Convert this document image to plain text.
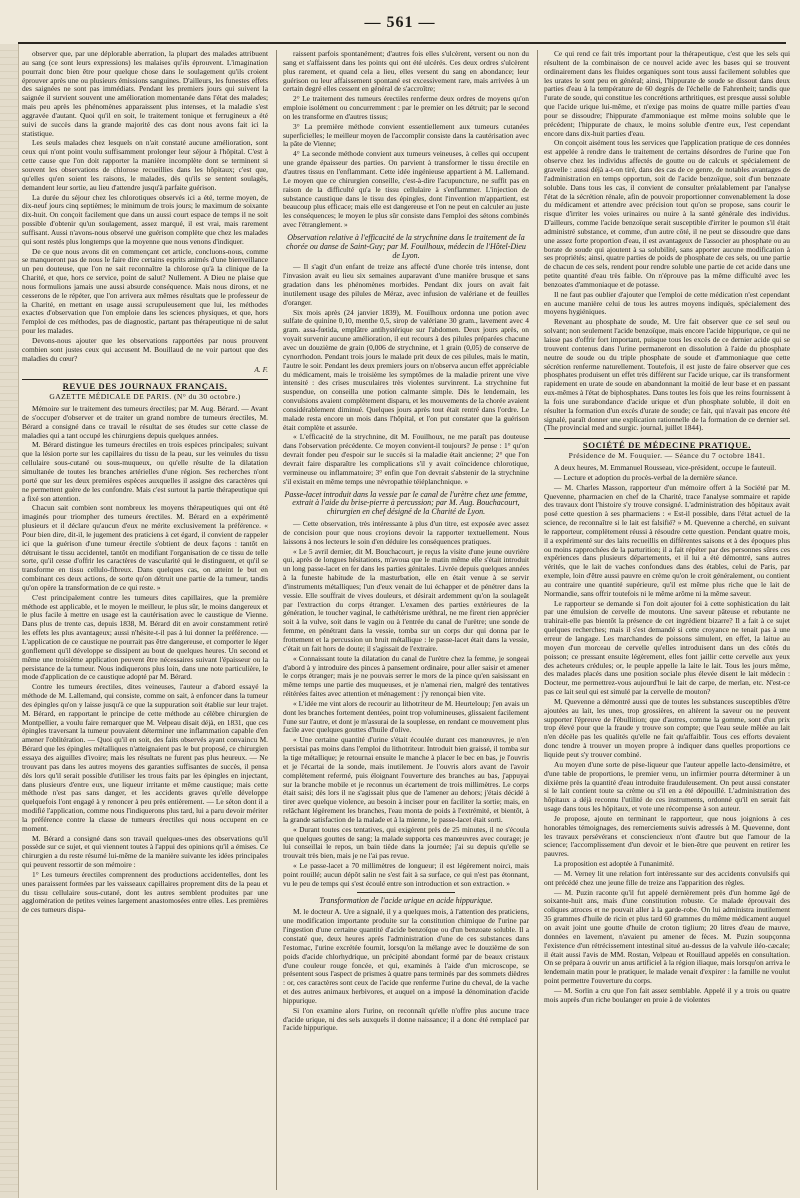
— 561 —

observer que, par une déplorable aberration, la plupart des malades attribuent au sang (ce sont leurs expressions) les malaises qu'ils éprouvent. L'imagination pourrait donc bien être pour quelque chose dans le soulagement qu'ils croient éprouver après une ou plusieurs émissions sanguines. D'ailleurs, les funestes effets des saignées ne sont pas immédiats. Pendant les premiers jours qui suivent la saignée il survient souvent une amélioration momentanée dans l'état des malades; mais peu après les phénomènes apparaissent plus intenses, et la maladie s'est aggravée d'autant. Quoi qu'il en soit, le traitement tonique et ferrugineux a été suivi de succès dans la grande majorité des cas dont nous avons fait ici la statistique.

Les seuls malades chez lesquels on n'ait constaté aucune amélioration, sont ceux qui n'ont point voulu suffisamment prolonger leur séjour à l'hôpital. C'est à cette cause que l'on doit rapporter la manière incomplète dont se terminent si souvent les observations de chlorose recueillies dans les hôpitaux; c'est que, qu'elles qu'en soient les raisons, le malades, dès qu'ils se sentent soulagés, demandent leur sortie, au lieu d'attendre jusqu'à parfaite guérison.

La durée du séjour chez les chlorotiques observés ici a été, terme moyen, de dix-neuf jours cinq septièmes; le minimum de trois jours; le maximum de soixante dix-huit. On conçoit facilement que dans un aussi court espace de temps il ne soit possible d'obtenir qu'un soulagement, assez marqué, il est vrai, mais rarement suffisant. Aussi n'avons-nous observé une guérison complète que chez les malades qui sont restés plus longtemps que la moyenne que nous venons d'indiquer.

De ce que nous avons dit en commençant cet article, concluons-nous, comme se manqueront pas de nous le faire dire certains esprits animés d'une bienveillance un peu douteuse, que l'on ne sait reconnaître la chlorose qu'à la clinique de la Charité, et que, hors ce service, point de salut? Nullement. A Dieu ne plaise que nous formulions jamais une aussi absurde conséquence. Mais nous dirons, et ne cesserons de le répéter, que l'on arrivera aux mêmes résultats que le professeur de la Charité, en mettant en usage aussi scrupuleusement que lui, les méthodes exactes d'observation que l'on emploie dans les sciences physiques, et que, hors l'emploi de ces méthodes, pas de diagnostic, partant pas thérapeutique ni de salut pour les malades.

Devons-nous ajouter que les observations rapportées par nous prouvent combien sont justes ceux qui accusent M. Bouillaud de ne voir partout que des maladies du cœur?

A. F.
REVUE DES JOURNAUX FRANÇAIS.
GAZETTE MÉDICALE DE PARIS. (N° du 30 octobre.)

Mémoire sur le traitement des tumeurs érectiles; par M. Aug. Bérard. — Avant de s'occuper d'observer et de traiter un grand nombre de tumeurs érectiles, M. Bérard a consigné dans ce travail le résultat de ses études sur cette classe de maladies qui a tant occupé les chirurgiens depuis quelques années.

M. Bérard distingue les tumeurs érectiles en trois espèces principales; suivant que la lésion porte sur les capillaires du tissu de la peau, sur les veinules du tissu cellulaire sous-cutané ou sous-muqueux, ou qu'elle résulte de la dilatation simultanée de toutes les branches artérielles d'une région. Ses recherches n'ont porté que sur les deux premières espèces auxquelles il assigne des caractères qui ne permettent guère de les confondre. Mais c'est surtout la partie thérapeutique qui a fixé son attention.

Chacun sait combien sont nombreux les moyens thérapeutiques qui ont été imaginés pour triompher des tumeurs érectiles. M. Bérard en a expérimenté plusieurs et il déclare qu'aucun d'eux ne mérite exclusivement la préférence. « Pour bien dire, dit-il, le jugement des praticiens à cet égard, il convient de rappeler ici que la guérison d'une tumeur érectile s'obtient de deux façons : tantôt en détruisant le tissu accidentel, tantôt en modifiant l'organisation de ce tissu de telle sorte, qu'il cesse d'offrir les caractères de vascularité qui le distinguent, et qu'il se transforme en tissu cellulo-fibreux. Dans quelques cas, on atteint le but en combinant ces deux actions, de sorte qu'on détruit une partie de la tumeur, tandis qu'on opère la transformation de ce qui reste. »

C'est principalement contre les tumeurs dites capillaires, que la première méthode est applicable, et le moyen le meilleur, le plus sûr, le moins dangereux et le plus facile à mettre en usage est la cautérisation avec le caustique de Vienne. Dans plus de trente cas, depuis 1838, M. Bérard dit en avoir constamment retiré les effets les plus avantageux; aussi n'hésite-t-il pas à lui donner la préférence. — L'application de ce caustique ne pourrait pas être dangereuse, et comporter le léger gonflement qu'il développe se dissipent au bout de quelques heures. Un second et même une troisième application peuvent être nécessaires suivant l'épaisseur ou la persistance de la tumeur. Nous indiquerons plus loin, dans une note particulière, le mode d'application de ce caustique adopté par M. Bérard.

Contre les tumeurs érectiles, dites veineuses, l'auteur a d'abord essayé la méthode de M. Lallemand, qui consiste, comme on sait, à enfoncer dans la tumeur des épingles qu'on y laisse jusqu'à ce que la suppuration soit établie sur leur trajet. M. Bérard, en rapportant le principe de cette méthode au célèbre chirurgien de Montpellier, a voulu faire remarquer que M. Velpeau disait déjà, en 1831, que ces épingles traversant la tumeur pouvaient déterminer une inflammation capable d'en amener l'oblitération. — Quoi qu'il en soit, des faits observés ayant convaincu M. Bérard que les épingles métalliques n'atteignaient pas le but proposé, ce chirurgien essaya des aiguilles d'ivoire; mais les résultats ne furent pas plus heureux. — Ne trouvant pas dans les autres moyens des garanties suffisantes de succès, il pensa dès lors qu'il serait possible d'utiliser les trous faits par les épingles en injectant, dans plusieurs d'entre eux, une liqueur irritante et même caustique; mais cette méthode n'est pas sans danger, et les accidents graves qu'elle développe quelquefois l'ont engagé à y renoncer à peu près entièrement. — Le séton dont il a modifié l'application, comme nous l'indiquerons plus tard, lui a paru devoir mériter la préférence contre la classe de tumeurs érectiles qui nous occupent en ce moment.

M. Bérard a consigné dans son travail quelques-unes des observations qu'il possède sur ce sujet, et qui viennent toutes à l'appui des opinions qu'il a émises. Ce chirurgien a du reste résumé lui-même de la manière suivante les idées principales qui peuvent ressortir de son mémoire :

1° Les tumeurs érectiles comprennent des productions accidentelles, dont les unes paraissent formées par les vaisseaux capillaires proprement dits de la peau et du tissu cellulaire sous-cutané, dont les autres semblent produites par une agglomération de petites veines largement anastomosées entre elles. Les premières de ces tumeurs dispa-

raissent parfois spontanément; d'autres fois elles s'ulcèrent, versent ou non du sang et s'affaissent dans les points qui ont été ulcérés. Ces deux ordres s'ulcèrent plus rarement, et quand cela a lieu, elles versent du sang en abondance; leur guérison ou leur affaissement spontané est excessivement rare, mais arrivées à un certain degré elles cessent en général de s'accroître;

2° Le traitement des tumeurs érectiles renferme deux ordres de moyens qu'on emploie isolément ou concurremment : par le premier on les détruit; par le second on les transforme en d'autres tissus;

3° La première méthode convient essentiellement aux tumeurs cutanées superficielles; le meilleur moyen de l'accomplir consiste dans la cautérisation avec la pâte de Vienne;

4° La seconde méthode convient aux tumeurs veineuses, à celles qui occupent une grande épaisseur des parties. On parvient à transformer le tissu érectile en d'autres tissus en l'enflammant. Cette idée ingénieuse appartient à M. Lallemand. Le moyen que ce chirurgien conseille, c'est-à-dire l'acupuncture, ne suffit pas en raison de la difficulté qu'a le tissu cellulaire à s'enflammer. L'injection de substance caustique dans le tissu des épingles, dont l'invention m'appartient, est beaucoup plus efficace; mais elle est dangereuse et l'on ne peut en calculer au juste les conséquences; le moyen le plus sûr consiste dans l'emploi des sétons combinés avec l'étranglement. »

Observation relative à l'efficacité de la strychnine dans le traitement de la chorée ou danse de Saint-Guy; par M. Fouilhoux, médecin de l'Hôtel-Dieu de Lyon.

— Il s'agit d'un enfant de treize ans affecté d'une chorée très intense, dont l'invasion avait eu lieu six semaines auparavant d'une manière brusque et sans gradation dans les phénomènes morbides. Pendant dix jours on avait fait inutilement usage des pilules de Méraz, avec infusion de valériane et de feuilles d'oranger.

Six mois après (24 janvier 1839), M. Fouilhoux ordonna une potion avec sulfate de quinine 0,10, menthe 0,5, sirop de valériane 30 gram., lavement avec 4 gram. assa-fœtida, emplâtre antihystérique sur l'abdomen. Deux jours après, on voyait survenir aucune amélioration, il eut recours à des pilules préparées chacune avec un douzième de grain (0,006 de strychnine, et 1 grain (0,05) de conserve de cynorrhodon. Pendant trois jours le malade prit deux de ces pilules, mais le matin, l'autre le soir. Pendant les deux premiers jours on n'observa aucun effet appréciable du médicament, mais le troisième les symptômes de la maladie prirent une vive intensité : des crises musculaires très violentes survinrent. La strychnine fut suspendue, on conseilla une potion calmante simple. Dès le lendemain, les convulsions avaient complètement disparu, et les mouvements de la chorée avaient considérablement diminué. Quelques jours après tout était rentré dans l'ordre. Le malade resta encore un mois dans l'hôpital, et l'on put constater que la guérison était complète et assurée.

« L'efficacité de la strychnine, dit M. Fouilhoux, ne me paraît pas douteuse dans l'observation précédente. Ce moyen convient-il toujours? Je pense : 1° qu'on devrait fonder peu d'espoir sur le succès si la maladie était ancienne; 2° que l'on devrait faire disparaître les complications s'il y avait coïncidence chlorotique, vermineuse ou inflammatoire; 3° enfin que l'on devrait s'abstenir de la strychnine s'il existait en même temps une névropathie téiéplanchnique. »

Passe-lacet introduit dans la vessie par le canal de l'urètre chez une femme, extrait à l'aide du brise-pierre à percussion; par M. Aug. Bouchacourt, chirurgien en chef désigné de la Charité de Lyon.

— Cette observation, très intéressante à plus d'un titre, est exposée avec assez de concision pour que nous croyions devoir la rapporter textuellement. Nous laissons à nos lecteurs le soin d'en déduire les conséquences pratiques.

« Le 5 avril dernier, dit M. Bouchacourt, je reçus la visite d'une jeune ouvrière qui, après de longues hésitations, m'avoua que le matin même elle s'était introduit un long passe-lacet en fer dans les parties génitales. Livrée depuis quelques années à la funeste habitude de la masturbation, elle en était venue à se servir d'instruments métalliques; l'un d'eux venait de lui échapper et de pénétrer dans la vessie. Elle souffrait de vives douleurs, et désirait ardemment qu'on la soulageât par l'extraction du corps étranger. L'examen des parties extérieures de la génération, le toucher vaginal, le cathétérisme uréthral, ne me firent rien apprécier soit à la vulve, soit dans le vagin ou à l'entrée du canal de l'urètre; une sonde de femme, en pénétrant dans la vessie, tomba sur un corps dur qui donna par le frottement et la percussion un bruit métallique : le passe-lacet était dans la vessie, c'était un fait hors de doute; il s'agissait de l'extraire.

« Connaissant toute la dilatation du canal de l'urètre chez la femme, je songeai d'abord à y introduire des pinces à pansement ordinaire, pour aller saisir et amener le corps étranger; mais je ne pouvais serrer le mors de la pince qu'en saisissant en même temps une partie des muqueuses, et je n'amenai rien, malgré des tentatives réitérées faites avec attention et ménagement : j'y renonçai bien vite.

« L'idée me vint alors de recourir au lithotriteur de M. Heurteloup; j'en avais un dont les branches fortement dentées, point trop volumineuses, glissaient facilement l'une sur l'autre, et dont je m'assurai de la souplesse, en rendant ce mouvement plus facile avec quelques gouttes d'huile d'olive.

« Une certaine quantité d'urine s'était écoulée durant ces manœuvres, je n'en persistai pas moins dans l'emploi du lithotriteur. Introduit bien graissé, il tomba sur la tige métallique; je retournai ensuite le manche à placer le bec en bas, je l'ouvris et je l'écartai de la sonde, mais inutilement. Je l'ouvris alors avant de l'avoir complètement refermé, puis éloignant l'ouverture des branches au bas, j'appuyai sur la branche mobile et je reconnus un écartement de trois millimètres. Le corps était saisi; dès lors il ne s'agissait plus que de l'amener au dehors; j'étais décidé à tirer avec quelque violence, au besoin à inciser pour en faciliter la sortie; mais, en relâchant légèrement les branches, l'eau monta de poids à l'extrémité, et bientôt, à la grande satisfaction de la malade et à la mienne, le passe-lacet était sorti.

« Durant toutes ces tentatives, qui exigèrent près de 25 minutes, il ne s'écoula que quelques gouttes de sang; la malade supporta ces manœuvres avec courage; je lui conseillai le repos, un bain tiède dans la journée; j'ai su depuis qu'elle se trouvait très bien, mais je ne l'ai pas revue.

« Le passe-lacet a 70 millimètres de longueur; il est légèrement noirci, mais point rouillé; aucun dépôt salin ne s'est fait à sa surface, ce qui n'est pas étonnant, vu le peu de temps qui s'est écoulé entre son introduction et son extraction. »

Transformation de l'acide urique en acide hippurique.

M. le docteur A. Ure a signalé, il y a quelques mois, à l'attention des praticiens, une modification importante produite sur la constitution chimique de l'urine par l'ingestion d'une certaine quantité d'acide benzoïque ou d'un benzoate soluble. Il a constaté que, deux heures après l'administration d'une de ces substances dans l'estomac, l'urine excrétée fournit, lorsqu'on la mélange avec le douzième de son poids d'acide chlorhydrique, un précipité abondant formé par de beaux cristaux d'une couleur rouge foncée, et qui, examinés à l'aide d'un microscope, se présentent sous l'aspect de prismes à quatre pans terminés par des sommets dièdres : or, ces caractères sont ceux de l'acide que renferme l'urine du cheval, de la vache et des autres animaux herbivores, et auquel on a imposé la dénomination d'acide hippurique.

Si l'on examine alors l'urine, on reconnaît qu'elle n'offre plus aucune trace d'acide urique, ni des sels auxquels il donne naissance; il a donc été remplacé par l'acide hippurique.

Ce qui rend ce fait très important pour la thérapeutique, c'est que les sels qui résultent de la combinaison de ce nouvel acide avec les bases qui se trouvent ordinairement dans les fluides organiques sont tous aussi facilement solubles que les urates le sont peu en général; ainsi, l'hippurate de soude se dissout dans deux parties d'eau à la température de 60 degrés de l'échelle de Fahrenheit; tandis que l'urate de soude, qui constitue les concrétions arthritiques, est presque aussi soluble que l'acide urique lui-même, et n'exige pas moins de quatre mille parties d'eau pour se dissoudre; l'hippurate d'ammoniaque est même moins soluble que le précédent; l'hippurate de chaux, le moins soluble d'entre eux, l'est cependant encore dans dix-huit parties d'eau.

On conçoit aisément tous les services que l'application pratique de ces données est appelée à rendre dans le traitement de certains désordres de l'urine que l'on observe chez les individus affectés de goutte ou de calculs et spécialement de gravelle : aussi déjà a-t-on tiré, dans des cas de ce genre, de notables avantages de l'administration en temps opportun, soit de l'acide benzoïque, soit d'un benzoate soluble. Dans tous les cas, il convient de consulter préalablement par l'analyse l'état de la sécrétion rénale, afin de pouvoir proportionner convenablement la dose du médicament et attendre avec précision tout qu'on se propose, sans courir le risque d'irriter les voies urinaires ou nuire à la santé générale des individus. D'ailleurs, comme l'acide benzoïque serait susceptible d'irriter le poumon s'il était administré substance, et comme, d'un autre côté, il ne peut se dissoudre que dans une assez forte proportion d'eau, il est avantageux de l'associer au phosphate ou au borate de soude qui ajoutent à sa solubilité, sans apporter aucune modification à ses propriétés; ainsi, quatre parties de poids de phosphate de ces sels, ou une partie de chacun de ces sels, rendent pour rendre soluble une partie de cet acide dans une petite quantité d'eau très faible. On n'éprouve pas la même difficulté avec les benzoates d'ammoniaque et de potasse.

Il ne faut pas oublier d'ajouter que l'emploi de cette médication n'est cependant en aucune manière celui de tous les autres moyens indiqués, spécialement des moyens hygiéniques.

Revenant au phosphate de soude, M. Ure fait observer que ce sel seul ou solvant; non seulement l'acide benzoïque, mais encore l'acide hippurique, ce qui ne laisse pas d'offrir fort important, puisque tous les excès de ce dernier acide qui se trouvent contenus dans l'urine permaneront en dissolution à l'aide du phosphate neutre de soude ou du triple phosphate de soude et d'ammoniaque que cette sécrétion renferme naturellement. Toutefois, il est juste de faire observer que ces phosphates produisent un effet très différent sur l'acide urique, car ils transforment rapidement en urate de soude en abandonnant la moitié de leur base et en passant eux-mêmes à l'état de biphosphates. Dans toutes les fois que les reins fournissent à la fois une surabondance d'acide urique et d'un phosphate soluble, il doit en résulter la formation d'un excès d'urate de soude; ce fait, qui n'avait pas encore été signalé, paraît donner une explication rationnelle de la formation de ce dernier sel. (The provincial med and surgic. journal, juillet 1844).

SOCIÉTÉ DE MÉDECINE PRATIQUE.
Présidence de M. Fouquier. — Séance du 7 octobre 1841.

A deux heures, M. Emmanuel Rousseau, vice-président, occupe le fauteuil.

— Lecture et adoption du procès-verbal de la dernière séance.

— M. Charles Masson, rapporteur d'un mémoire offert à la Société par M. Quevenne, pharmacien en chef de la Charité, trace l'analyse sommaire et rapide des travaux dont l'histoire s'y trouve consigné. L'administration des hôpitaux avait posé cette question à ses pharmaciens : « Est-il possible, dans l'état actuel de la science, de reconnaître si le lait est falsifié? » M. Quevenne a cherché, en suivant le rapporteur, complètement réussi à résoudre cette question. Pendant quatre mois, il a expérimenté sur des laits recueillis en différentes saisons et à des époques plus ou moins rapprochées de la parturition; il a fait répéter par des personnes sûres ces expériences dans plusieurs départements, et il lui a été démontré, sans autres vérités, que le lait de vaches confondues dans des étables, celui de Paris, par exemple, loin d'être aussi pauvre en crème qu'on le croit généralement, ou contient au contraire une quantité supérieure, qu'il est même plus riche que le lait de Normandie, sans offrir toutefois ni le même arôme ni la même saveur.

Le rapporteur se demande si l'on doit ajouter foi à cette sophistication du lait par une émulsion de cervelle de moutons. Une saveur pâteuse et rebutante ne trahirait-elle pas bientôt la présence de cet ingrédient bizarre? Il a fait à ce sujet quelques recherches; mais il s'est demandé si cette croyance ne tenait pas à une erreur de langage. Les marchandes de poissons simulent, en effet, la laitue au moyen d'un morceau de cervelle qu'elles introduisent dans un des côtés du poisson; ce pressant ensuite légèrement, elles font jaillir cette cervelle aux yeux des acheteurs crédules; or, le peuple appelle la laite le lait. Tous les jours même, des malades placés dans une position sociale plus élevée disent le lait médecin : Docteur, me permettrez-vous aujourd'hui le lait de carpe, de merlan, etc. N'est-ce pas ce lait seul qui est simulé par la cervelle de mouton?

M. Quevenne a démontré aussi que de toutes les substances susceptibles d'être ajoutées au lait, les unes, trop grossières, en altèrent la saveur ou ne peuvent supporter l'épreuve de l'ébullition; que d'autres, comme la gomme, sont d'un prix trop élevé pour que la fraude y trouve son compte; que l'eau seule mêlée au lait n'en décèle pas les qualités qu'elle ne fait qu'affaiblir. Tous ces efforts devaient donc tendre à trouver un moyen propre à indiquer dans quelles proportions ce liquide peut s'y trouver combiné.

Au moyen d'une sorte de pèse-liqueur que l'auteur appelle lacto-densimètre, et d'une table de proportions, le premier venu, un infirmier pourra déterminer à un dixième près la quantité d'eau introduite frauduleusement. On peut aussi constater si le lait contient toute sa crème ou s'il en a été dépouillé. L'administration des hôpitaux a déjà reconnu l'utilité de ces instruments, ordonné qu'il en serait fait usage dans tous les hôpitaux, et vote une récompense à son auteur.

Je propose, ajoute en terminant le rapporteur, que nous joignions à ces honorables témoignages, des remerciements suivis adressés à M. Quevenne, dont les travaux persévérans et consciencieux n'ont d'autre but que l'amour de la science; l'accomplissement d'un devoir et le bien-être que peuvent en retirer les pauvres.

La proposition est adoptée à l'unanimité.

— M. Verney lit une relation fort intéressante sur des accidents convulsifs qui ont précédé chez une jeune fille de treize ans l'apparition des règles.

— M. Puzin raconte qu'il fut appelé dernièrement près d'un homme âgé de soixante-huit ans, mais d'une constitution robuste. Ce malade éprouvait des coliques atroces et ne pouvait aller à la garde-robe. On lui administra inutilement 35 grammes d'huile de ricin et plus tard 60 grammes du même médicament auquel on avait joint une goutte d'huile de croton tiglium; 20 litres d'eau de mauve, données en lavement, n'avaient pu amener de fèces. M. Puzin soupçonna l'existence d'un rétrécissement intestinal situé au-dessus de la valvule iléo-cæcale; il était aussi l'avis de MM. Rostan, Velpeau et Rouillaud appelés en consultation. On se prépara à ouvrir un anus artificiel à la région iliaque, mais lorsqu'on arriva le lendemain matin pour le pratiquer, le malade venait d'expirer : la famille ne voulut point permettre l'ouverture du corps.

— M. Sorlin a cru que l'on fait assez semblable. Appelé il y a trois ou quatre mois auprès d'un riche boulanger en proie à de violentes
